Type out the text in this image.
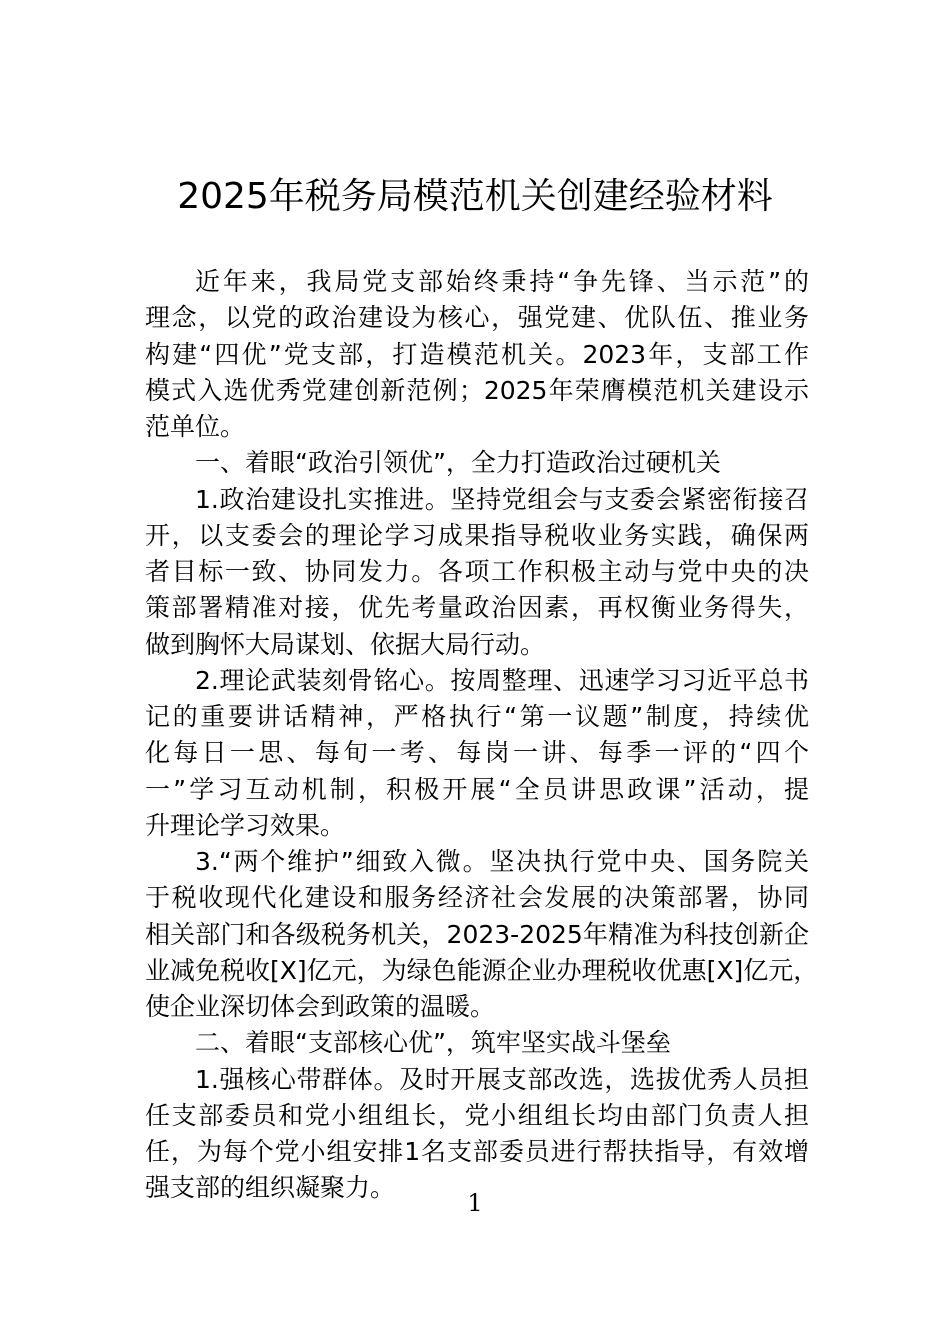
2025年税务局模范机关创建经验材料
近年来，我局党支部始终秉持“争先锋、当示范”的
理念，以党的政治建设为核心，强党建、优队伍、推业务
构建“四优”党支部，打造模范机关。2023年，支部工作
模式入选优秀党建创新范例；2025年荣膺模范机关建设示
范单位。
一、着眼“政治引领优”，全力打造政治过硬机关
1.政治建设扎实推进。坚持党组会与支委会紧密衔接召
开，以支委会的理论学习成果指导税收业务实践，确保两
者目标一致、协同发力。各项工作积极主动与党中央的决
策部署精准对接，优先考量政治因素，再权衡业务得失，
做到胸怀大局谋划、依据大局行动。
2.理论武装刻骨铭心。按周整理、迅速学习习近平总书
记的重要讲话精神，严格执行“第一议题”制度，持续优
化每日一思、每旬一考、每岗一讲、每季一评的“四个
一”学习互动机制，积极开展“全员讲思政课”活动，提
升理论学习效果。
3.“两个维护”细致入微。坚决执行党中央、国务院关
于税收现代化建设和服务经济社会发展的决策部署，协同
相关部门和各级税务机关，2023-2025年精准为科技创新企
业减免税收[X]亿元，为绿色能源企业办理税收优惠[X]亿元，
使企业深切体会到政策的温暖。
二、着眼“支部核心优”，筑牢坚实战斗堡垒
1.强核心带群体。及时开展支部改选，选拔优秀人员担
任支部委员和党小组组长，党小组组长均由部门负责人担
任，为每个党小组安排1名支部委员进行帮扶指导，有效增
强支部的组织凝聚力。
1
